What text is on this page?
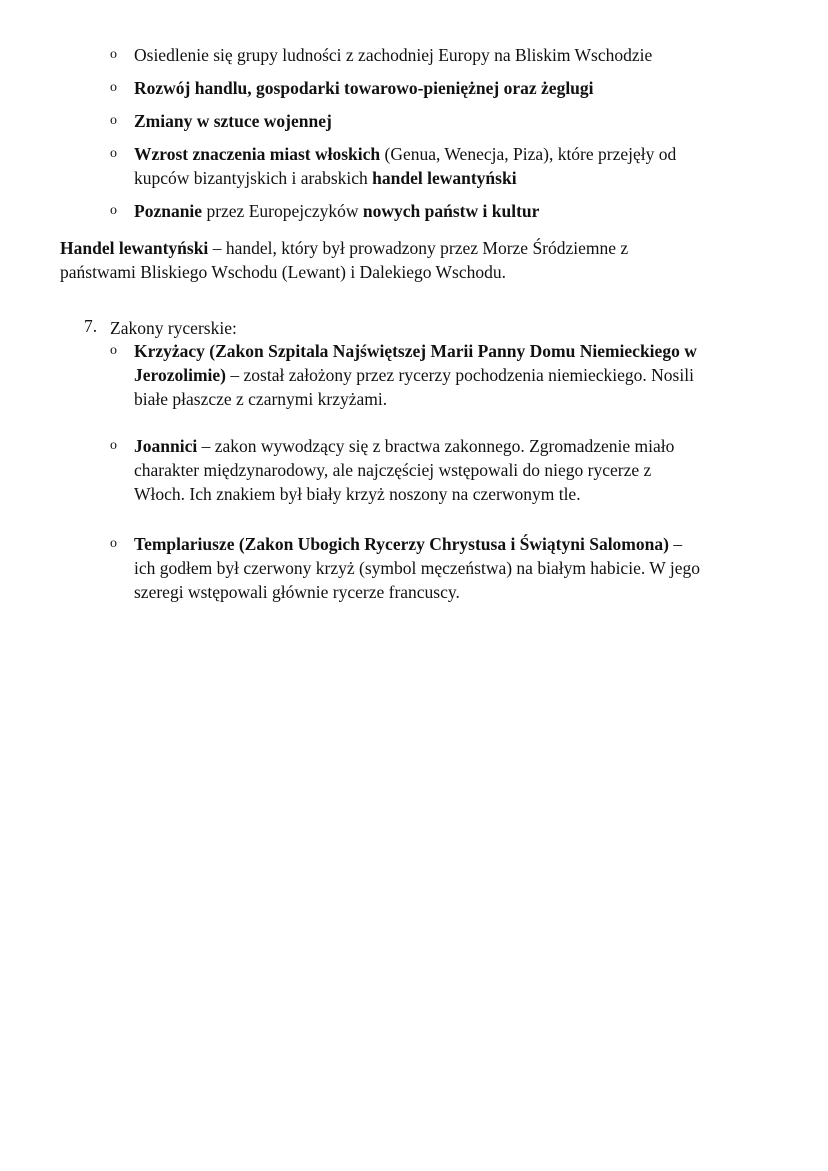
o Osiedlenie się grupy ludności z zachodniej Europy na Bliskim Wschodzie
o Rozwój handlu, gospodarki towarowo-pieniężnej oraz żeglugi
o Zmiany w sztuce wojennej
o Wzrost znaczenia miast włoskich (Genua, Wenecja, Piza), które przejęły od
kupców bizantyjskich i arabskich handel lewantyński
o Poznanie przez Europejczyków nowych państw i kultur
Handel lewantyński – handel, który był prowadzony przez Morze Śródziemne z
państwami Bliskiego Wschodu (Lewant) i Dalekiego Wschodu.
7. Zakony rycerskie:
o Krzyżacy (Zakon Szpitala Najświętszej Marii Panny Domu Niemieckiego w
Jerozolimie) – został założony przez rycerzy pochodzenia niemieckiego. Nosili
białe płaszcze z czarnymi krzyżami.
o Joannici – zakon wywodzący się z bractwa zakonnego. Zgromadzenie miało
charakter międzynarodowy, ale najczęściej wstępowali do niego rycerze z
Włoch. Ich znakiem był biały krzyż noszony na czerwonym tle.
o Templariusze (Zakon Ubogich Rycerzy Chrystusa i Świątyni Salomona) –
ich godłem był czerwony krzyż (symbol męczeństwa) na białym habicie. W jego
szeregi wstępowali głównie rycerze francuscy.
